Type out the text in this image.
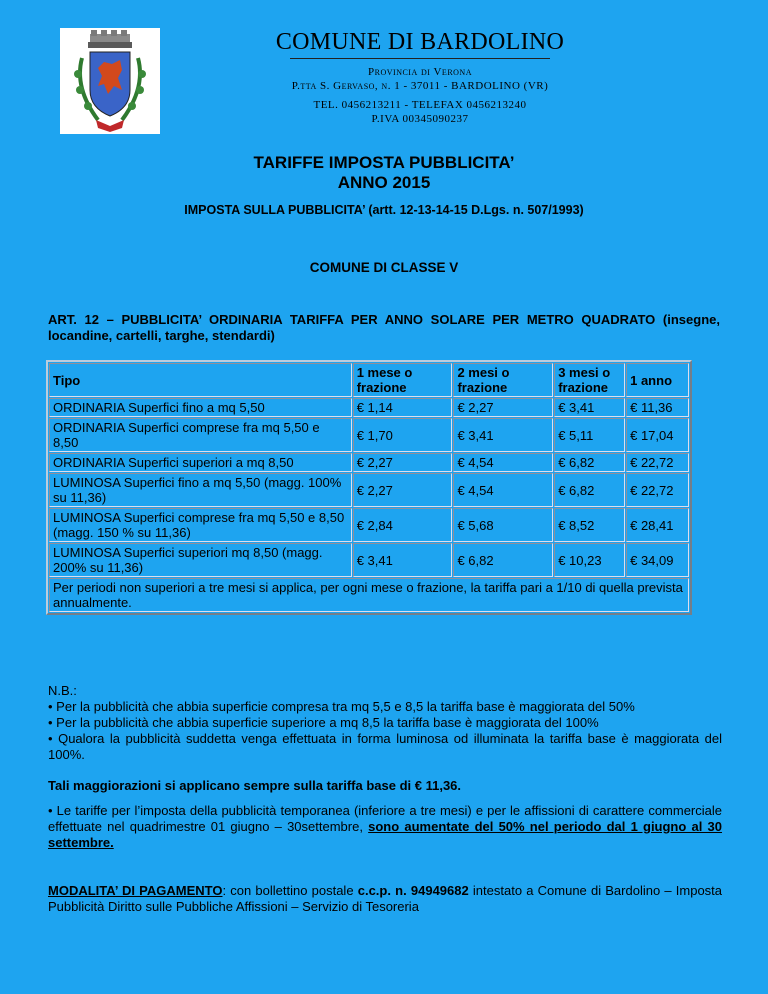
COMUNE DI BARDOLINO
Provincia di Verona
P.tta S. Gervaso, n. 1 - 37011 - BARDOLINO (VR)
TEL. 0456213211 - TELEFAX 0456213240
P.IVA 00345090237
TARIFFE IMPOSTA PUBBLICITA’
ANNO 2015
IMPOSTA SULLA PUBBLICITA’ (artt. 12-13-14-15 D.Lgs. n. 507/1993)
COMUNE DI CLASSE V
ART. 12 – PUBBLICITA’ ORDINARIA TARIFFA PER ANNO SOLARE PER METRO QUADRATO (insegne, locandine, cartelli, targhe, stendardi)
Tipo	1 mese o frazione	2 mesi o frazione	3 mesi o frazione	1 anno
ORDINARIA Superfici fino a mq 5,50	€ 1,14	€ 2,27	€ 3,41	€ 11,36
ORDINARIA Superfici comprese fra mq 5,50 e 8,50	€ 1,70	€ 3,41	€ 5,11	€ 17,04
ORDINARIA Superfici superiori a mq 8,50	€ 2,27	€ 4,54	€ 6,82	€ 22,72
LUMINOSA Superfici fino a mq 5,50 (magg. 100% su 11,36)	€ 2,27	€ 4,54	€ 6,82	€ 22,72
LUMINOSA Superfici comprese fra mq 5,50 e 8,50 (magg. 150 % su 11,36)	€ 2,84	€ 5,68	€ 8,52	€ 28,41
LUMINOSA Superfici superiori mq 8,50 (magg. 200% su 11,36)	€ 3,41	€ 6,82	€ 10,23	€ 34,09
Per periodi non superiori a tre mesi si applica, per ogni mese o frazione, la tariffa pari a 1/10 di quella prevista annualmente.				
N.B.:
• Per la pubblicità che abbia superficie compresa tra mq 5,5 e 8,5 la tariffa base è maggiorata del 50%
• Per la pubblicità che abbia superficie superiore a mq 8,5 la tariffa base è maggiorata del 100%
• Qualora la pubblicità suddetta venga effettuata in forma luminosa od illuminata la tariffa base è maggiorata del 100%.
Tali maggiorazioni si applicano sempre sulla tariffa base di € 11,36.
• Le tariffe per l’imposta della pubblicità temporanea (inferiore a tre mesi) e per le affissioni di carattere commerciale effettuate nel quadrimestre 01 giugno – 30settembre, sono aumentate del 50% nel periodo dal 1 giugno al 30 settembre.
MODALITA’ DI PAGAMENTO: con bollettino postale c.c.p. n. 94949682 intestato a Comune di Bardolino – Imposta Pubblicità Diritto sulle Pubbliche Affissioni – Servizio di Tesoreria
